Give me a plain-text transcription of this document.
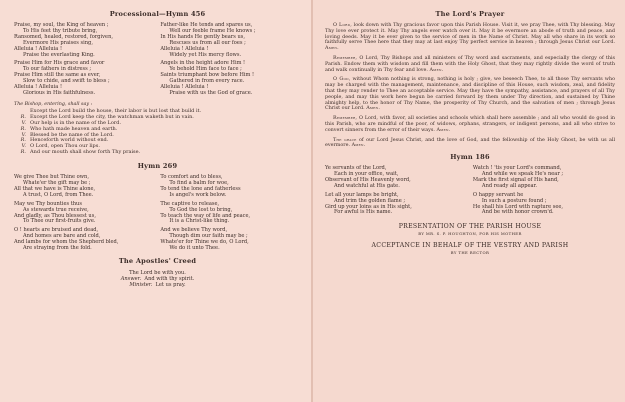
Processional—Hymn 456
Praise, my soul, the King of heaven ;
To His feet thy tribute bring,
Ransomed, healed, restored, forgiven,
Evermore His praises sing,
Alleluia ! Alleluia !
Praise the everlasting King.
Praise Him for His grace and favor
To our fathers in distress ;
Praise Him still the same as ever,
Slow to chide, and swift to bless ;
Alleluia ! Alleluia !
Glorious in His faithfulness.
Father-like He tends and spares us,
Well our feeble frame He knows ;
In His hands He gently bears us,
Rescues us from all our foes ;
Alleluia ! Alleluia !
Widely yet His mercy flows.
Angels in the height adore Him !
Ye behold Him face to face ;
Saints triumphant bow before Him !
Gathered in from every race.
Alleluia ! Alleluia !
Praise with us the God of grace.
The Bishop, entering, shall say :
Except the Lord build the house, their labor is but lost that build it.
R. Except the Lord keep the city, the watchman waketh but in vain.
V. Our help is in the name of the Lord.
R. Who hath made heaven and earth.
V. Blessed be the name of the Lord.
R. Henceforth world without end.
V. O Lord, open Thou our lips.
R. And our mouth shall show forth Thy praise.
Hymn 269
We give Thee but Thine own,
Whate'er the gift may be ;
All that we have is Thine alone,
A trust, O Lord, from Thee.
May we Thy bounties thus
As stewards true receive,
And gladly, as Thou blessest us,
To Thee our first-fruits give.
O ! hearts are bruised and dead,
And homes are bare and cold,
And lambs for whom the Shepherd bled,
Are straying from the fold.
To comfort and to bless,
To find a balm for woe,
To tend the lone and fatherless
Is angel's work below.
The captive to release,
To God the lost to bring,
To teach the way of life and peace,
It is a Christ-like thing.
And we believe Thy word,
Though dim our faith may be ;
Whate'er for Thine we do, O Lord,
We do it unto Thee.
The Apostles' Creed
The Lord be with you.
Answer. And with thy spirit.
Minister. Let us pray.
The Lord's Prayer

O Lord, look down with Thy gracious favor upon this Parish House. Visit it, we pray Thee, with Thy blessing. May Thy love ever protect it. May Thy angels ever watch over it. May it be evermore an abode of truth and peace, and loving deeds. May it be ever given to the service of men in the Name of Christ. May all who share in its work so faithfully serve Thee here that they may at last enjoy Thy perfect service in heaven ; through Jesus Christ our Lord. Amen.

Remember, O Lord, Thy Bishops and all ministers of Thy word and sacraments, and especially the clergy of this Parish. Endow them with wisdom and fill them with the Holy Ghost, that they may rightly divide the word of truth and walk continually in Thy fear and love. Amen.

O God, without Whom nothing is strong, nothing is holy ; give, we beseech Thee, to all those Thy servants who may be charged with the management, maintenance, and discipline of this House, such wisdom, zeal, and fidelity that they may render to Thee an acceptable service. May they have the sympathy, assistance, and prayers of all Thy people, and may this work here begun be carried forward by them under Thy direction, and sustained by Thine almighty help, to the honor of Thy Name, the prosperity of Thy Church, and the salvation of men ; through Jesus Christ our Lord. Amen.

Remember, O Lord, with favor, all societies and schools which shall here assemble ; and all who would do good in this Parish, who are mindful of the poor, of widows, orphans, strangers, or indigent persons, and all who strive to convert sinners from the error of their ways. Amen.

The grace of our Lord Jesus Christ, and the love of God, and the fellowship of the Holy Ghost, be with us all evermore. Amen.

Hymn 186
Ye servants of the Lord,
Each in your office, wait,
Observant of His Heavenly word,
And watchful at His gate.
Let all your lamps be bright,
And trim the golden flame ;
Gird up your loins as in His sight,
For awful is His name.
Watch ! 'tis your Lord's command,
And while we speak He's near ;
Mark the first signal of His hand,
And ready all appear.
O happy servant he
In such a posture found ;
He shall his Lord with rapture see,
And be with honor crown'd.
PRESENTATION OF THE PARISH HOUSE
BY MR. S. P. HOUGHTON, FOR HIS MOTHER
ACCEPTANCE IN BEHALF OF THE VESTRY AND PARISH
BY THE RECTOR
